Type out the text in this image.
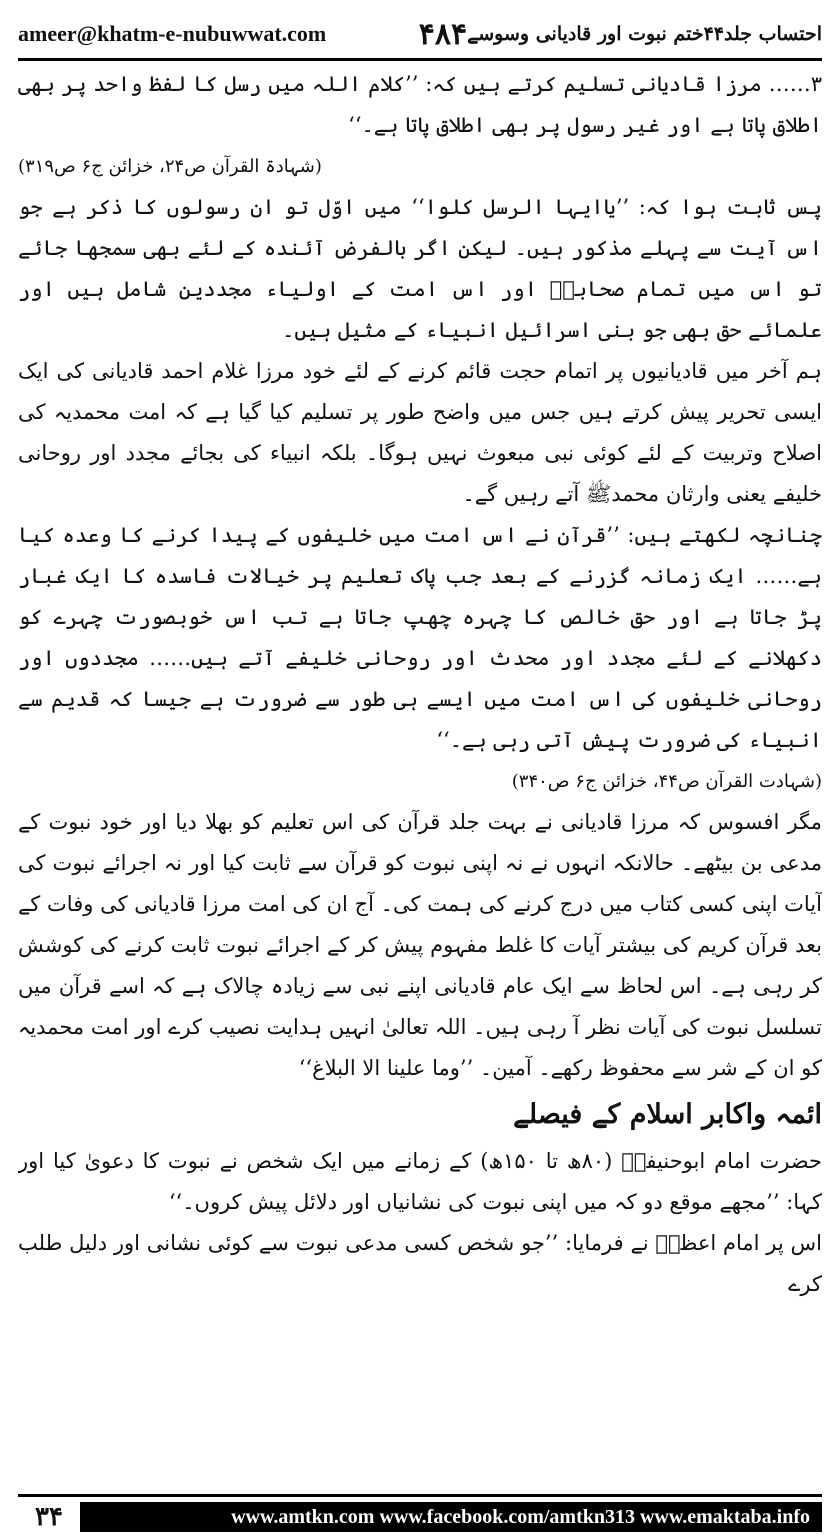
ameer@khatm-e-nubuwwat.com	۴۸۴ احتساب جلد۴۴ختم نبوت اور قادیانی وسوسے

۳…… مرزا قادیانی تسلیم کرتے ہیں کہ: ’’کلام اللہ میں رسل کا لفظ واحد پر بھی اطلاق پاتا ہے اور غیر رسول پر بھی اطلاق پاتا ہے۔‘‘

(شہادۃ القرآن ص۲۴، خزائن ج۶ ص۳۱۹)

پس ثابت ہوا کہ: ’’یاایہا الرسل کلوا‘‘ میں اوّل تو ان رسولوں کا ذکر ہے جو اس آیت سے پہلے مذکور ہیں۔ لیکن اگر بالفرض آئندہ کے لئے بھی سمجھا جائے تو اس میں تمام صحابہؓ اور اس امت کے اولیاء مجددین شامل ہیں اور علمائے حق بھی جو بنی اسرائیل انبیاء کے مثیل ہیں۔

ہم آخر میں قادیانیوں پر اتمام حجت قائم کرنے کے لئے خود مرزا غلام احمد قادیانی کی ایک ایسی تحریر پیش کرتے ہیں جس میں واضح طور پر تسلیم کیا گیا ہے کہ امت محمدیہ کی اصلاح وتربیت کے لئے کوئی نبی مبعوث نہیں ہوگا۔ بلکہ انبیاء کی بجائے مجدد اور روحانی خلیفے یعنی وارثان محمدﷺ آتے رہیں گے۔

چنانچہ لکھتے ہیں: ’’قرآن نے اس امت میں خلیفوں کے پیدا کرنے کا وعدہ کیا ہے…… ایک زمانہ گزرنے کے بعد جب پاک تعلیم پر خیالات فاسدہ کا ایک غبار پڑ جاتا ہے اور حق خالص کا چہرہ چھپ جاتا ہے تب اس خوبصورت چہرے کو دکھلانے کے لئے مجدد اور محدث اور روحانی خلیفے آتے ہیں…… مجددوں اور روحانی خلیفوں کی اس امت میں ایسے ہی طور سے ضرورت ہے جیسا کہ قدیم سے انبیاء کی ضرورت پیش آتی رہی ہے۔‘‘

(شہادت القرآن ص۴۴، خزائن ج۶ ص۳۴۰)

مگر افسوس کہ مرزا قادیانی نے بہت جلد قرآن کی اس تعلیم کو بھلا دیا اور خود نبوت کے مدعی بن بیٹھے۔ حالانکہ انہوں نے نہ اپنی نبوت کو قرآن سے ثابت کیا اور نہ اجرائے نبوت کی آیات اپنی کسی کتاب میں درج کرنے کی ہمت کی۔ آج ان کی امت مرزا قادیانی کی وفات کے بعد قرآن کریم کی بیشتر آیات کا غلط مفہوم پیش کر کے اجرائے نبوت ثابت کرنے کی کوشش کر رہی ہے۔ اس لحاظ سے ایک عام قادیانی اپنے نبی سے زیادہ چالاک ہے کہ اسے قرآن میں تسلسل نبوت کی آیات نظر آ رہی ہیں۔ اللہ تعالیٰ انہیں ہدایت نصیب کرے اور امت محمدیہ کو ان کے شر سے محفوظ رکھے۔ آمین۔ ’’وما علینا الا البلاغ‘‘

ائمہ واکابر اسلام کے فیصلے

حضرت امام ابوحنیفہؒ (۸۰ھ تا ۱۵۰ھ) کے زمانے میں ایک شخص نے نبوت کا دعویٰ کیا اور کہا: ’’مجھے موقع دو کہ میں اپنی نبوت کی نشانیاں اور دلائل پیش کروں۔‘‘

اس پر امام اعظمؒ نے فرمایا: ’’جو شخص کسی مدعی نبوت سے کوئی نشانی اور دلیل طلب کرے

۳۴	www.amtkn.com www.facebook.com/amtkn313 www.emaktaba.info
